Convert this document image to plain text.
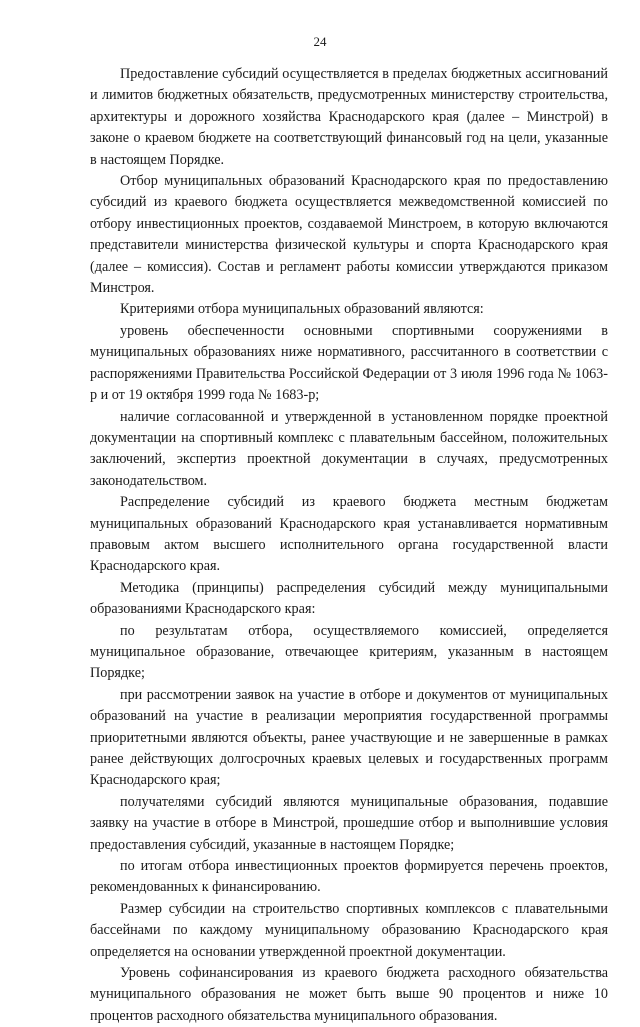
24

Предоставление субсидий осуществляется в пределах бюджетных ассигнований и лимитов бюджетных обязательств, предусмотренных министерству строительства, архитектуры и дорожного хозяйства Краснодарского края (далее – Минстрой) в законе о краевом бюджете на соответствующий финансовый год на цели, указанные в настоящем Порядке.

Отбор муниципальных образований Краснодарского края по предоставлению субсидий из краевого бюджета осуществляется межведомственной комиссией по отбору инвестиционных проектов, создаваемой Минстроем, в которую включаются представители министерства физической культуры и спорта Краснодарского края (далее – комиссия). Состав и регламент работы комиссии утверждаются приказом Минстроя.

Критериями отбора муниципальных образований являются:

уровень обеспеченности основными спортивными сооружениями в муниципальных образованиях ниже нормативного, рассчитанного в соответствии с распоряжениями Правительства Российской Федерации от 3 июля 1996 года № 1063-р и от 19 октября 1999 года № 1683-р;

наличие согласованной и утвержденной в установленном порядке проектной документации на спортивный комплекс с плавательным бассейном, положительных заключений, экспертиз проектной документации в случаях, предусмотренных законодательством.

Распределение субсидий из краевого бюджета местным бюджетам муниципальных образований Краснодарского края устанавливается нормативным правовым актом высшего исполнительного органа государственной власти Краснодарского края.

Методика (принципы) распределения субсидий между муниципальными образованиями Краснодарского края:

по результатам отбора, осуществляемого комиссией, определяется муниципальное образование, отвечающее критериям, указанным в настоящем Порядке;

при рассмотрении заявок на участие в отборе и документов от муниципальных образований на участие в реализации мероприятия государственной программы приоритетными являются объекты, ранее участвующие и не завершенные в рамках ранее действующих долгосрочных краевых целевых и государственных программ Краснодарского края;

получателями субсидий являются муниципальные образования, подавшие заявку на участие в отборе в Минстрой, прошедшие отбор и выполнившие условия предоставления субсидий, указанные в настоящем Порядке;

по итогам отбора инвестиционных проектов формируется перечень проектов, рекомендованных к финансированию.

Размер субсидии на строительство спортивных комплексов с плавательными бассейнами по каждому муниципальному образованию Краснодарского края определяется на основании утвержденной проектной документации.

Уровень софинансирования из краевого бюджета расходного обязательства муниципального образования не может быть выше 90 процентов и ниже 10 процентов расходного обязательства муниципального образования.
